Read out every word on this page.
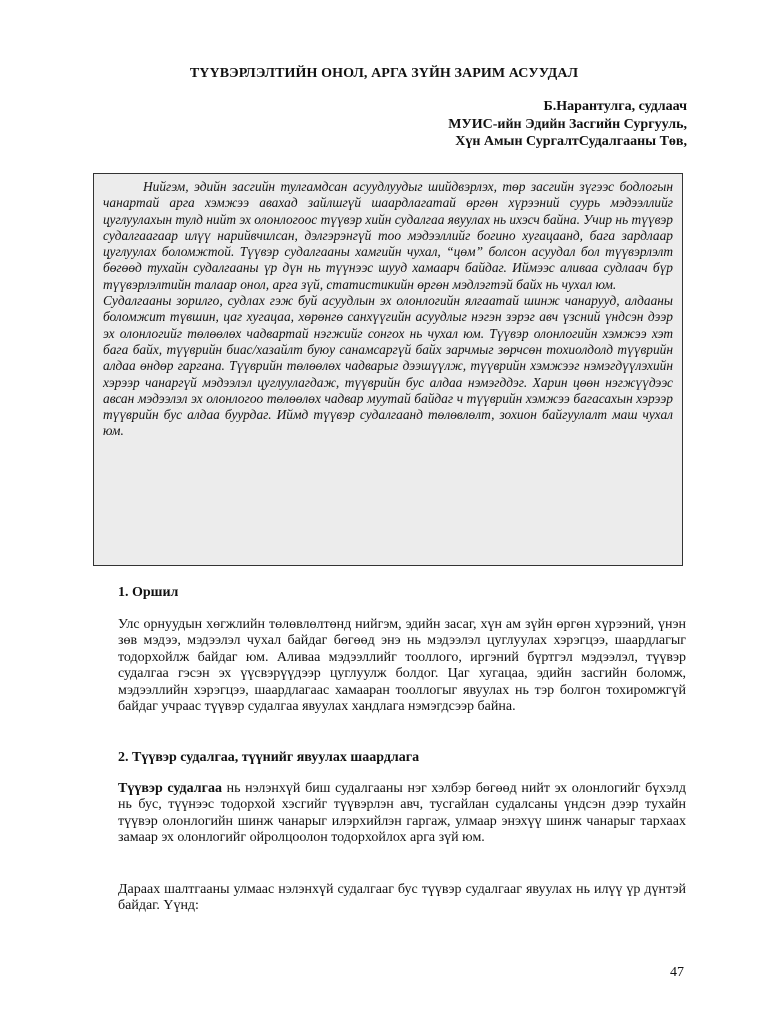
ТҮҮВЭРЛЭЛТИЙН ОНОЛ, АРГА ЗҮЙН ЗАРИМ АСУУДАЛ
Б.Нарантулга, судлаач
МУИС-ийн Эдийн Засгийн Сургууль,
Хүн Амын СургалтСудалгааны Төв,

Нийгэм, эдийн засгийн тулгамдсан асуудлуудыг шийдвэрлэх, төр засгийн зүгээс бодлогын чанартай арга хэмжээ авахад зайлшгүй шаардлагатай өргөн хүрээний суурь мэдээллийг цуглуулахын тулд нийт эх олонлогоос түүвэр хийн судалгаа явуулах нь ихэсч байна. Учир нь түүвэр судалгаагаар илүү нарийвчилсан, дэлгэрэнгүй тоо мэдээллийг богино хугацаанд, бага зардлаар цуглуулах боломжтой. Түүвэр судалгааны хамгийн чухал, “цөм” болсон асуудал бол түүвэрлэлт бөгөөд тухайн судалгааны үр дүн нь түүнээс шууд хамаарч байдаг. Иймээс аливаа судлаач бүр түүвэрлэлтийн талаар онол, арга зүй, статистикийн өргөн мэдлэгтэй байх нь чухал юм.

Судалгааны зорилго, судлах гэж буй асуудлын эх олонлогийн ялгаатай шинж чанарууд, алдааны боломжит түвшин, цаг хугацаа, хөрөнгө санхүүгийн асуудлыг нэгэн зэрэг авч үзсний үндсэн дээр эх олонлогийг төлөөлөх чадвартай нэгжийг сонгох нь чухал юм. Түүвэр олонлогийн хэмжээ хэт бага байх, түүврийн биас/хазайлт буюу санамсаргүй байх зарчмыг зөрчсөн тохиолдолд түүврийн алдаа өндөр гаргана. Түүврийн төлөөлөх чадварыг дээшүүлж, түүврийн хэмжээг нэмэгдүүлэхийн хэрээр чанаргүй мэдээлэл цуглуулагдаж, түүврийн бус алдаа нэмэгддэг. Харин цөөн нэгжүүдээс авсан мэдээлэл эх олонлогоо төлөөлөх чадвар муутай байдаг ч түүврийн хэмжээ багасахын хэрээр түүврийн бус алдаа буурдаг. Иймд түүвэр судалгаанд төлөвлөлт, зохион байгуулалт маш чухал юм.

1. Оршил

Улс орнуудын хөгжлийн төлөвлөлтөнд нийгэм, эдийн засаг, хүн ам зүйн өргөн хүрээний, үнэн зөв мэдээ, мэдээлэл чухал байдаг бөгөөд энэ нь мэдээлэл цуглуулах хэрэгцээ, шаардлагыг тодорхойлж байдаг юм. Аливаа мэдээллийг тооллого, иргэний бүртгэл мэдээлэл, түүвэр судалгаа гэсэн эх үүсвэрүүдээр цуглуулж болдог. Цаг хугацаа, эдийн засгийн боломж, мэдээллийн хэрэгцээ, шаардлагаас хамааран тооллогыг явуулах нь тэр болгон тохиромжгүй байдаг учраас түүвэр судалгаа явуулах хандлага нэмэгдсээр байна.

2. Түүвэр судалгаа, түүнийг явуулах шаардлага

Түүвэр судалгаа нь нэлэнхүй биш судалгааны нэг хэлбэр бөгөөд нийт эх олонлогийг бүхэлд нь бус, түүнээс тодорхой хэсгийг түүвэрлэн авч, тусгайлан судалсаны үндсэн дээр тухайн түүвэр олонлогийн шинж чанарыг илэрхийлэн гаргаж, улмаар энэхүү шинж чанарыг тархаах замаар эх олонлогийг ойролцоолон тодорхойлох арга зүй юм.

Дараах шалтгааны улмаас нэлэнхүй судалгааг бус түүвэр судалгааг явуулах нь илүү үр дүнтэй байдаг. Үүнд:

47
